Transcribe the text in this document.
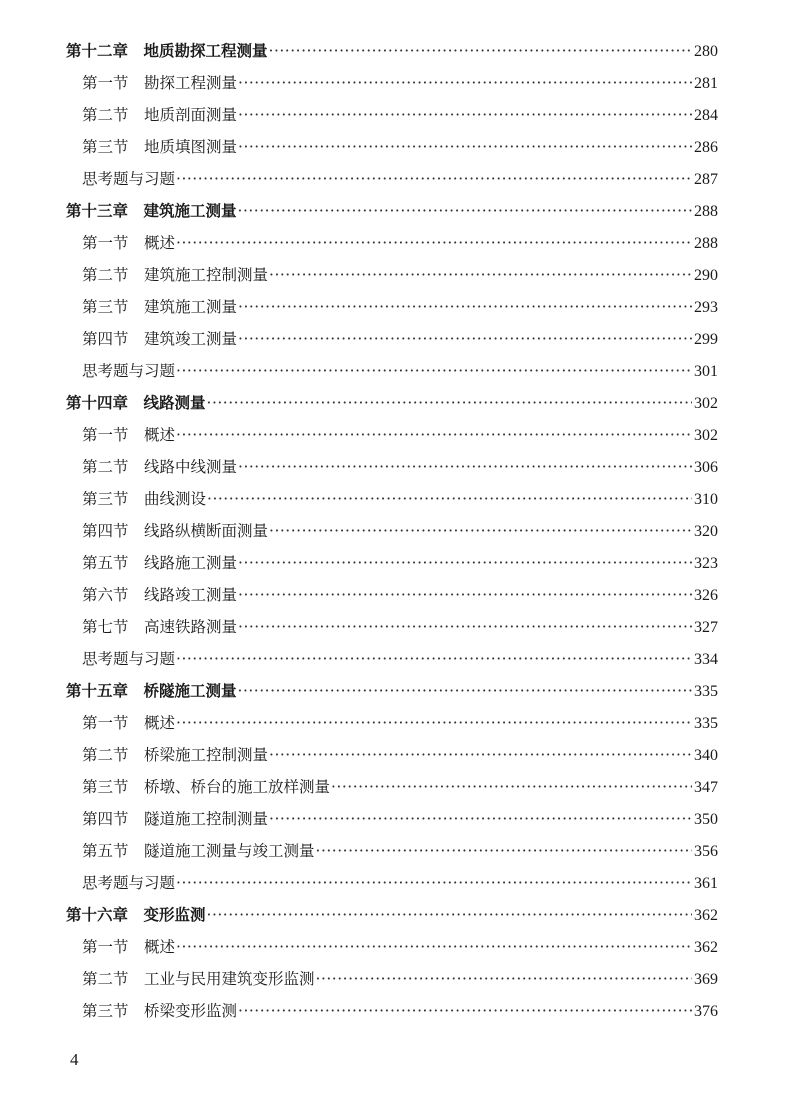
第十二章　地质勘探工程测量 ·····	280
第一节　勘探工程测量 ·····	281
第二节　地质剖面测量 ·····	284
第三节　地质填图测量 ·····	286
思考题与习题 ·····	287
第十三章　建筑施工测量 ·····	288
第一节　概述 ·····	288
第二节　建筑施工控制测量 ·····	290
第三节　建筑施工测量 ·····	293
第四节　建筑竣工测量 ·····	299
思考题与习题 ·····	301
第十四章　线路测量 ·····	302
第一节　概述 ·····	302
第二节　线路中线测量 ·····	306
第三节　曲线测设 ·····	310
第四节　线路纵横断面测量 ·····	320
第五节　线路施工测量 ·····	323
第六节　线路竣工测量 ·····	326
第七节　高速铁路测量 ·····	327
思考题与习题 ·····	334
第十五章　桥隧施工测量 ·····	335
第一节　概述 ·····	335
第二节　桥梁施工控制测量 ·····	340
第三节　桥墩、桥台的施工放样测量 ·····	347
第四节　隧道施工控制测量 ·····	350
第五节　隧道施工测量与竣工测量 ·····	356
思考题与习题 ·····	361
第十六章　变形监测 ·····	362
第一节　概述 ·····	362
第二节　工业与民用建筑变形监测 ·····	369
第三节　桥梁变形监测 ·····	376
4
